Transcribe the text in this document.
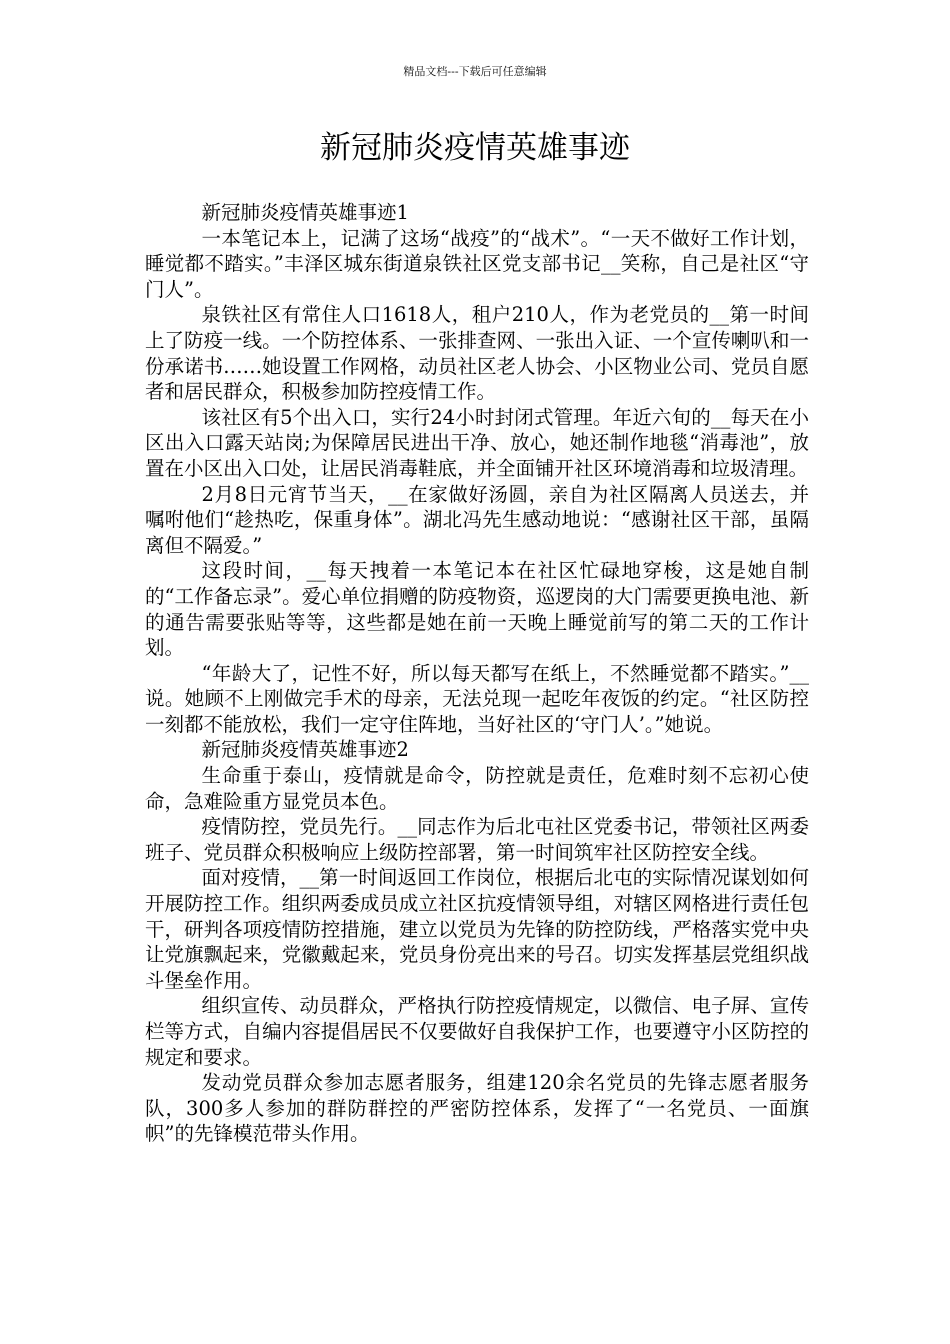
精品文档---下载后可任意编辑
新冠肺炎疫情英雄事迹

新冠肺炎疫情英雄事迹1

一本笔记本上，记满了这场“战疫”的“战术”。“一天不做好工作计划，睡觉都不踏实。”丰泽区城东街道泉铁社区党支部书记__笑称，自己是社区“守门人”。

泉铁社区有常住人口1618人，租户210人，作为老党员的__第一时间上了防疫一线。一个防控体系、一张排查网、一张出入证、一个宣传喇叭和一份承诺书……她设置工作网格，动员社区老人协会、小区物业公司、党员自愿者和居民群众，积极参加防控疫情工作。

该社区有5个出入口，实行24小时封闭式管理。年近六旬的__每天在小区出入口露天站岗;为保障居民进出干净、放心，她还制作地毯“消毒池”，放置在小区出入口处，让居民消毒鞋底，并全面铺开社区环境消毒和垃圾清理。

2月8日元宵节当天，__在家做好汤圆，亲自为社区隔离人员送去，并嘱咐他们“趁热吃，保重身体”。湖北冯先生感动地说：“感谢社区干部，虽隔离但不隔爱。”

这段时间，__每天拽着一本笔记本在社区忙碌地穿梭，这是她自制的“工作备忘录”。爱心单位捐赠的防疫物资，巡逻岗的大门需要更换电池、新的通告需要张贴等等，这些都是她在前一天晚上睡觉前写的第二天的工作计划。

“年龄大了，记性不好，所以每天都写在纸上，不然睡觉都不踏实。”__说。她顾不上刚做完手术的母亲，无法兑现一起吃年夜饭的约定。“社区防控一刻都不能放松，我们一定守住阵地，当好社区的‘守门人’。”她说。

新冠肺炎疫情英雄事迹2

生命重于泰山，疫情就是命令，防控就是责任，危难时刻不忘初心使命，急难险重方显党员本色。

疫情防控，党员先行。__同志作为后北屯社区党委书记，带领社区两委班子、党员群众积极响应上级防控部署，第一时间筑牢社区防控安全线。

面对疫情，__第一时间返回工作岗位，根据后北屯的实际情况谋划如何开展防控工作。组织两委成员成立社区抗疫情领导组，对辖区网格进行责任包干，研判各项疫情防控措施，建立以党员为先锋的防控防线，严格落实党中央让党旗飘起来，党徽戴起来，党员身份亮出来的号召。切实发挥基层党组织战斗堡垒作用。

组织宣传、动员群众，严格执行防控疫情规定，以微信、电子屏、宣传栏等方式，自编内容提倡居民不仅要做好自我保护工作，也要遵守小区防控的规定和要求。

发动党员群众参加志愿者服务，组建120余名党员的先锋志愿者服务队，300多人参加的群防群控的严密防控体系，发挥了“一名党员、一面旗帜”的先锋模范带头作用。
